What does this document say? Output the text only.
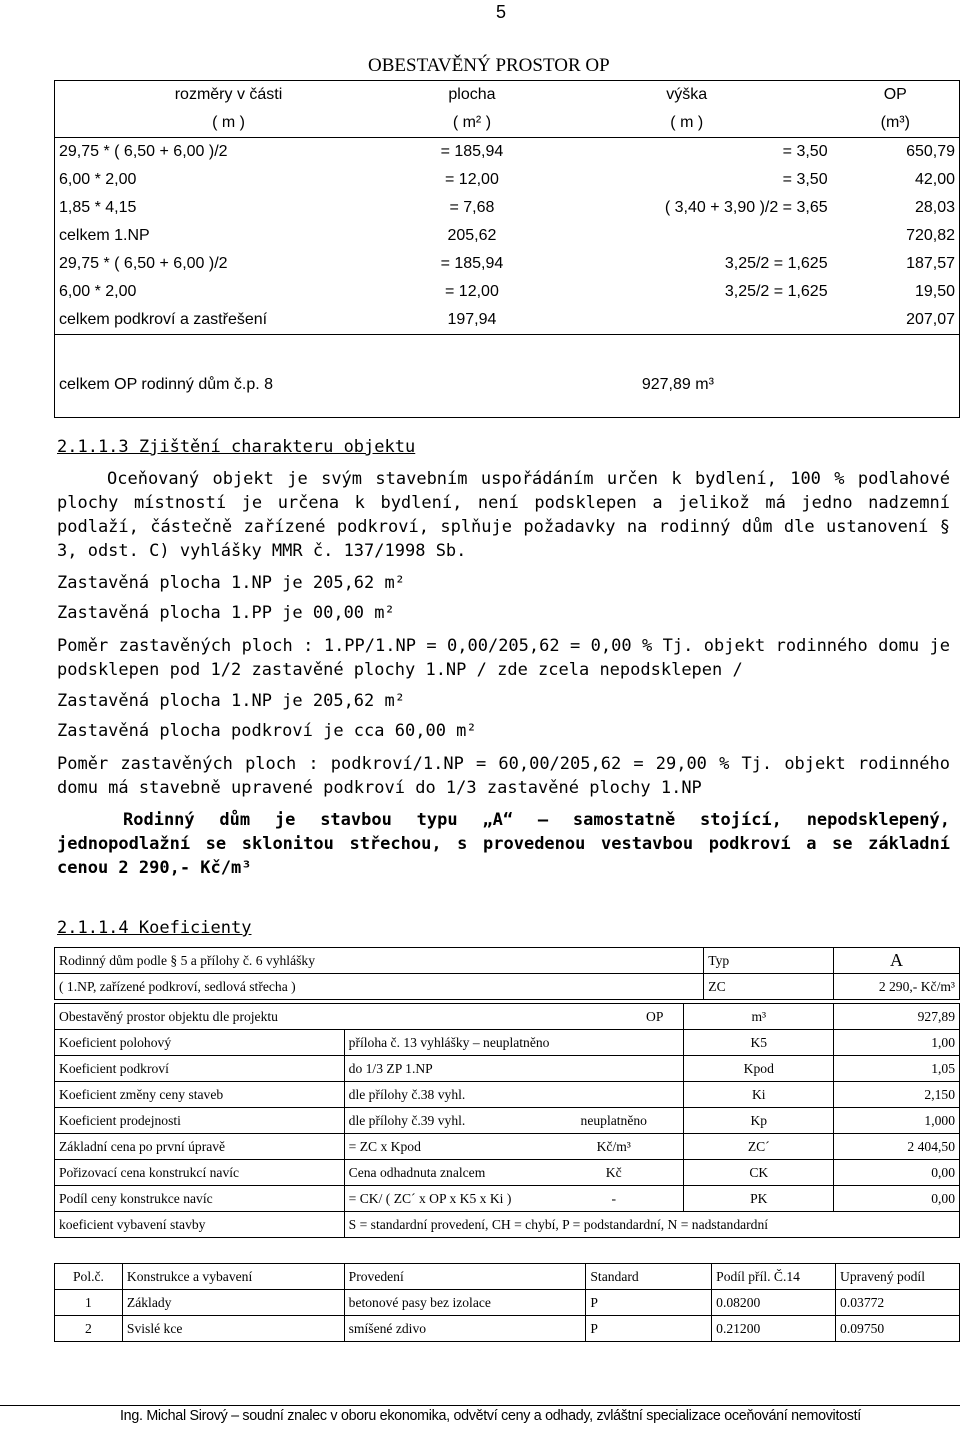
5
OBESTAVĚNÝ PROSTOR OP
rozměry v části	plocha	výška	OP
( m )	( m² )	( m )	(m³)
29,75 * ( 6,50 + 6,00 )/2	= 185,94	= 3,50	650,79
6,00 * 2,00	= 12,00	= 3,50	42,00
1,85 * 4,15	= 7,68	( 3,40 + 3,90 )/2 = 3,65	28,03
celkem 1.NP	205,62		720,82
29,75 * ( 6,50 + 6,00 )/2	= 185,94	3,25/2 = 1,625	187,57
6,00 * 2,00	= 12,00	3,25/2 = 1,625	19,50
celkem podkroví a zastřešení	197,94		207,07
celkem OP rodinný dům č.p. 8		927,89 m³	
2.1.1.3 Zjištění charakteru objektu
Oceňovaný objekt je svým stavebním uspořádáním určen k bydlení, 100 % podlahové plochy místností je určena k bydlení, není podsklepen a jelikož má jedno nadzemní podlaží, částečně zařízené podkroví, splňuje požadavky na rodinný dům dle ustanovení § 3, odst. C) vyhlášky MMR č. 137/1998 Sb.
Zastavěná plocha 1.NP je 205,62 m²
Zastavěná plocha 1.PP je 00,00 m²
Poměr zastavěných ploch : 1.PP/1.NP = 0,00/205,62 = 0,00 % Tj. objekt rodinného domu je podsklepen pod 1/2 zastavěné plochy 1.NP / zde zcela nepodsklepen /
Zastavěná plocha 1.NP je 205,62 m²
Zastavěná plocha podkroví je cca 60,00 m²
Poměr zastavěných ploch : podkroví/1.NP = 60,00/205,62 = 29,00 % Tj. objekt rodinného domu má stavebně upravené podkroví do 1/3 zastavěné plochy 1.NP
Rodinný dům je stavbou typu „A“ – samostatně stojící, nepodsklepený, jednopodlažní se sklonitou střechou, s provedenou vestavbou podkroví a se základní cenou 2 290,- Kč/m³
2.1.1.4 Koeficienty
Rodinný dům podle § 5 a přílohy č. 6 vyhlášky	Typ	A
( 1.NP, zařízené podkroví, sedlová střecha )	ZC	2 290,- Kč/m³
Obestavěný prostor objektu dle projektu		OP	m³	927,89
Koeficient polohový	příloha č. 13 vyhlášky – neuplatněno		K5	1,00
Koeficient podkroví	do 1/3 ZP 1.NP		Kpod	1,05
Koeficient změny ceny staveb	dle přílohy č.38 vyhl.		Ki	2,150
Koeficient prodejnosti	dle přílohy č.39 vyhl.	neuplatněno	Kp	1,000
Základní cena po první úpravě	= ZC x Kpod	Kč/m³	ZC´	2 404,50
Pořizovací cena konstrukcí navíc	Cena odhadnuta znalcem	Kč	CK	0,00
Podíl ceny konstrukce navíc	= CK/ ( ZC´ x OP x K5 x Ki )	-	PK	0,00
koeficient vybavení stavby	S = standardní provedení, CH = chybí, P = podstandardní, N = nadstandardní			
Pol.č.	Konstrukce a vybavení	Provedení	Standard	Podíl příl. Č.14	Upravený podíl
1	Základy	betonové pasy bez izolace	P	0.08200	0.03772
2	Svislé kce	smíšené zdivo	P	0.21200	0.09750
Ing. Michal Sirový – soudní znalec v oboru ekonomika, odvětví ceny a odhady, zvláštní specializace oceňování nemovitostí
